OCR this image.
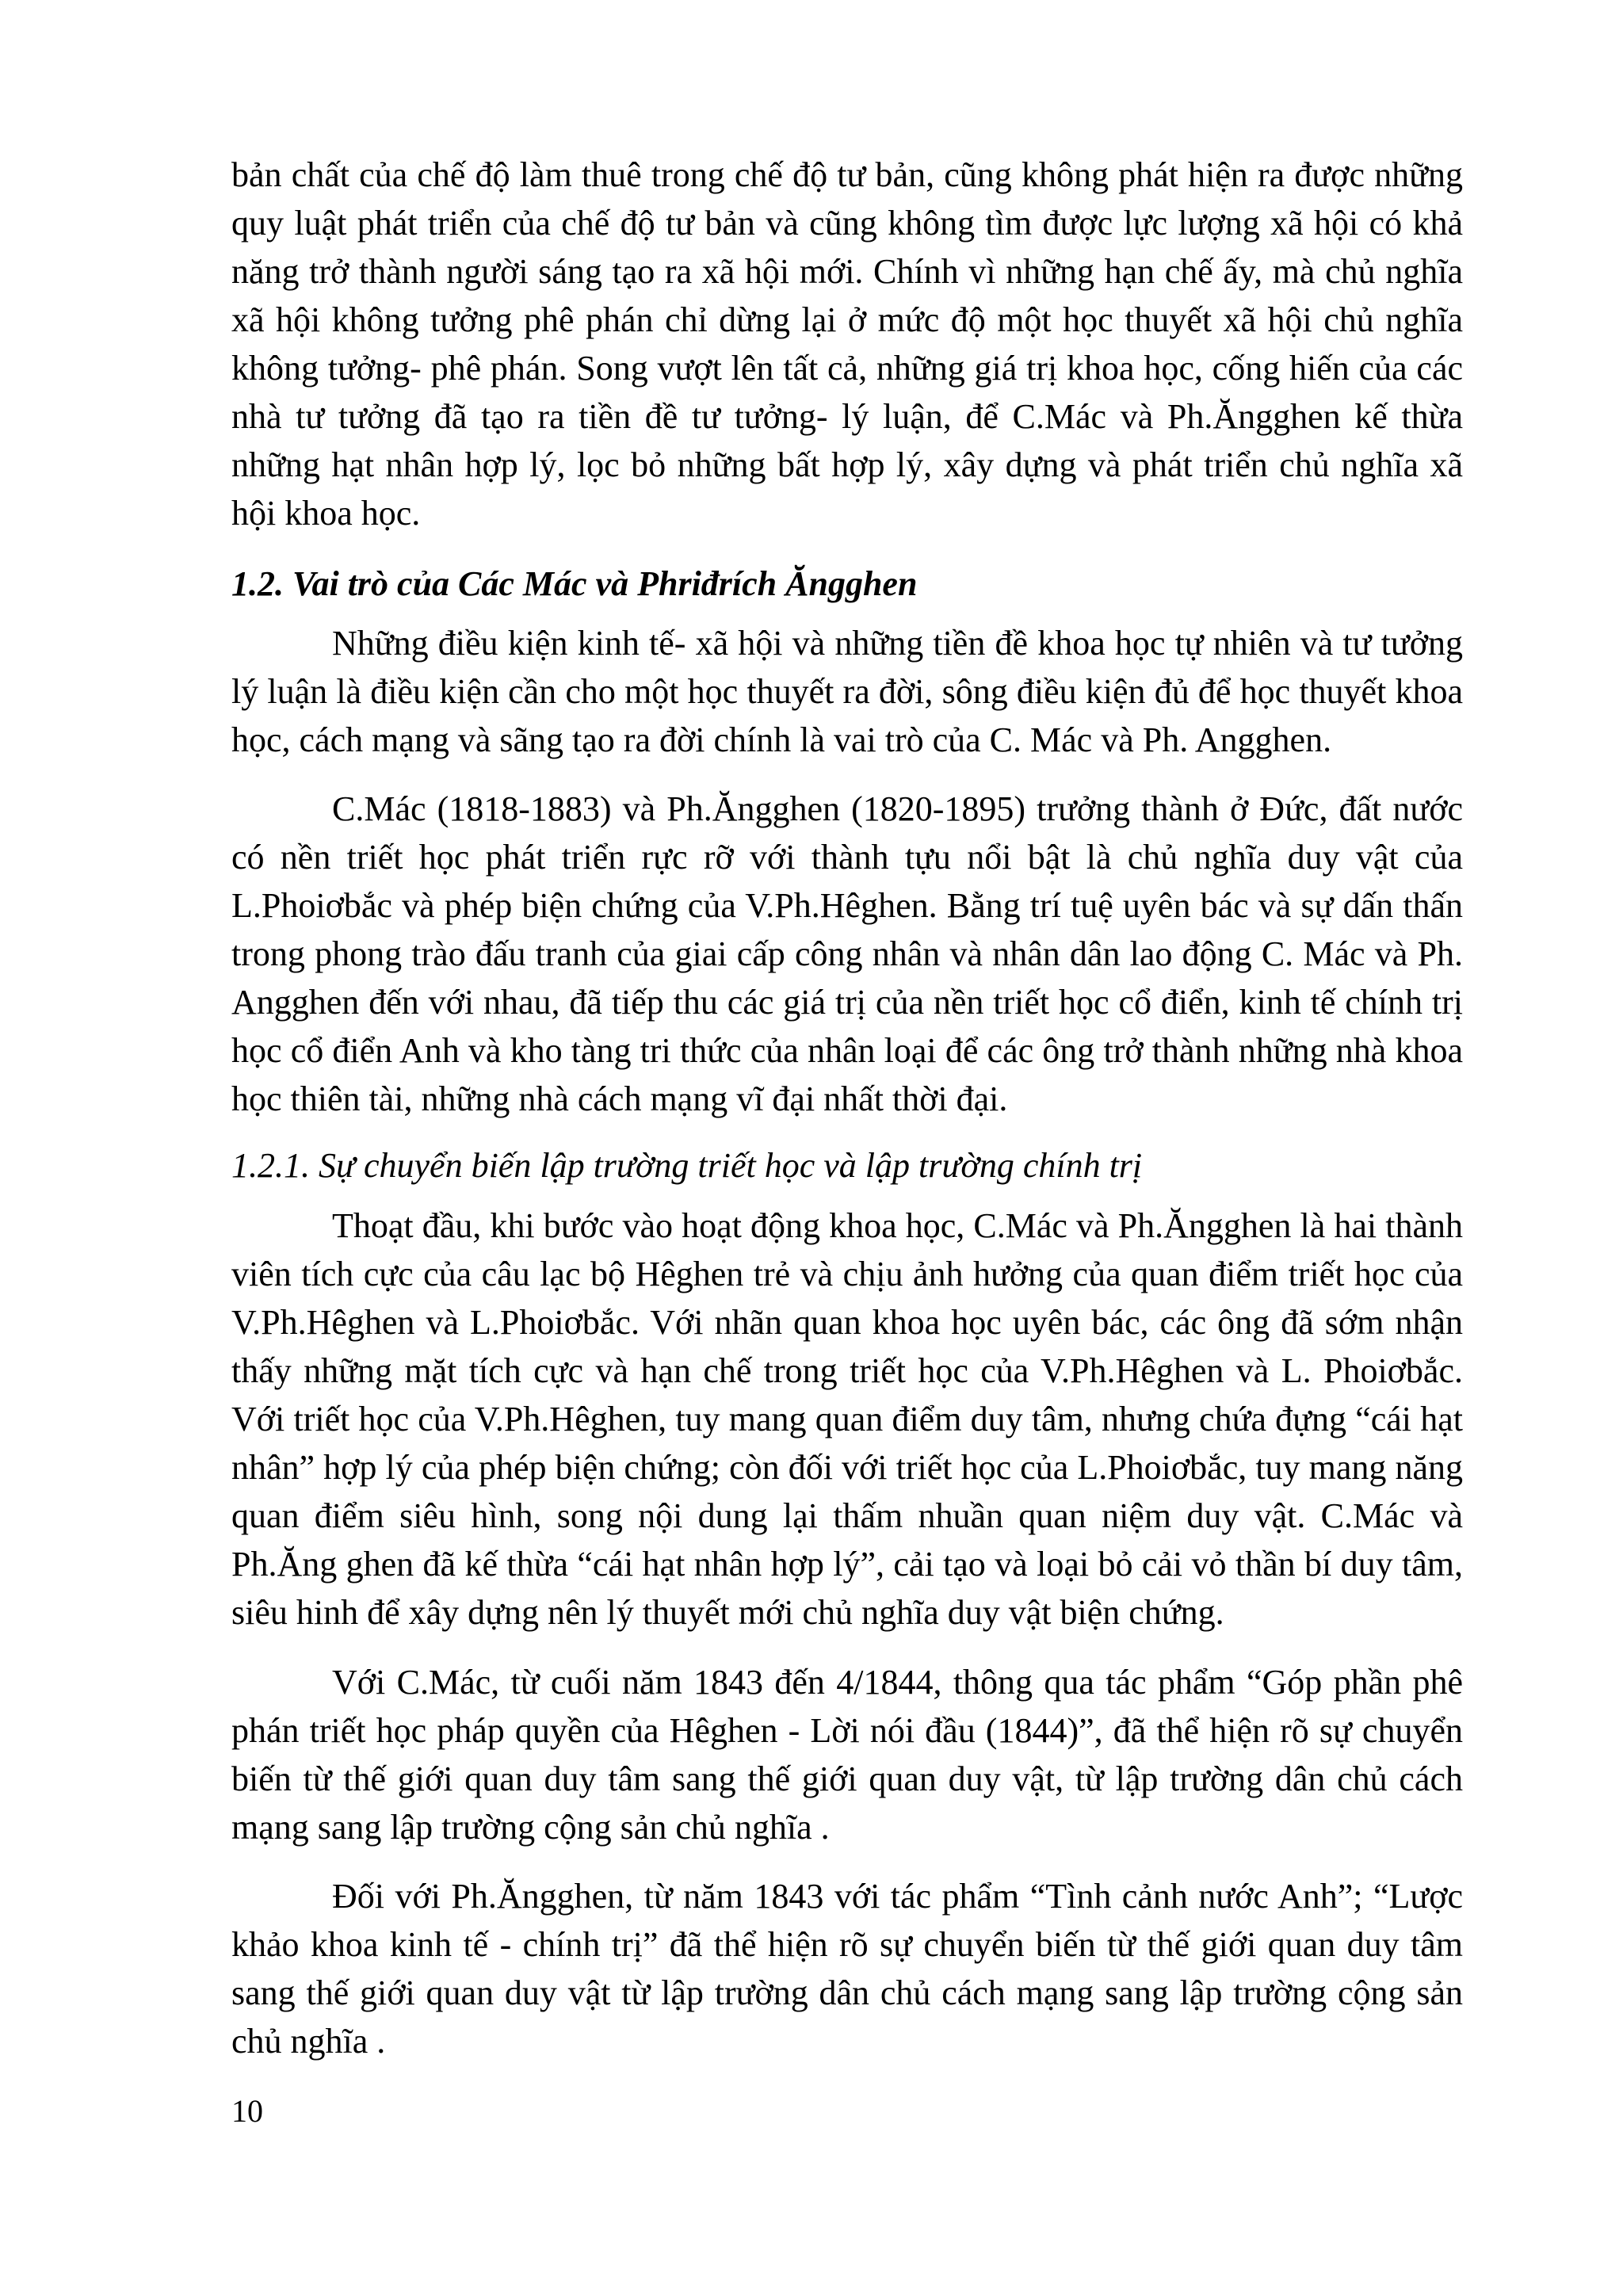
bản chất của chế độ làm thuê trong chế độ tư bản, cũng không phát hiện ra được những quy luật phát triển của chế độ tư bản và cũng không tìm được lực lượng xã hội có khả năng trở thành người sáng tạo ra xã hội mới. Chính vì những hạn chế ấy, mà chủ nghĩa xã hội không tưởng phê phán chỉ dừng lại ở mức độ một học thuyết xã hội chủ nghĩa không tưởng- phê phán. Song vượt lên tất cả, những giá trị khoa học, cống hiến của các nhà tư tưởng đã tạo ra tiền đề tư tưởng- lý luận, để C.Mác và Ph.Ăngghen kế thừa những hạt nhân hợp lý, lọc bỏ những bất hợp lý, xây dựng và phát triển chủ nghĩa xã hội khoa học.

1.2. Vai trò của Các Mác và Phriđrích Ăngghen

Những điều kiện kinh tế- xã hội và những tiền đề khoa học tự nhiên và tư tưởng lý luận là điều kiện cần cho một học thuyết ra đời, sông điều kiện đủ để học thuyết khoa học, cách mạng và sãng tạo ra đời chính là vai trò của C. Mác và Ph. Angghen.

C.Mác (1818-1883) và Ph.Ăngghen (1820-1895) trưởng thành ở Đức, đất nước có nền triết học phát triển rực rỡ với thành tựu nổi bật là chủ nghĩa duy vật của L.Phoiơbắc và phép biện chứng của V.Ph.Hêghen. Bằng trí tuệ uyên bác và sự dấn thấn trong phong trào đấu tranh của giai cấp công nhân và nhân dân lao động C. Mác và Ph. Angghen đến với nhau, đã tiếp thu các giá trị của nền triết học cổ điển, kinh tế chính trị học cổ điển Anh và kho tàng tri thức của nhân loại để các ông trở thành những nhà khoa học thiên tài, những nhà cách mạng vĩ đại nhất thời đại.

1.2.1. Sự chuyển biến lập trường triết học và lập trường chính trị

Thoạt đầu, khi bước vào hoạt động khoa học, C.Mác và Ph.Ăngghen là hai thành viên tích cực của câu lạc bộ Hêghen trẻ và chịu ảnh hưởng của quan điểm triết học của V.Ph.Hêghen và L.Phoiơbắc. Với nhãn quan khoa học uyên bác, các ông đã sớm nhận thấy những mặt tích cực và hạn chế trong triết học của V.Ph.Hêghen và L. Phoiơbắc. Với triết học của V.Ph.Hêghen, tuy mang quan điểm duy tâm, nhưng chứa đựng “cái hạt nhân” hợp lý của phép biện chứng; còn đối với triết học của L.Phoiơbắc, tuy mang năng quan điểm siêu hình, song nội dung lại thấm nhuần quan niệm duy vật. C.Mác và Ph.Ăng ghen đã kế thừa “cái hạt nhân hợp lý”, cải tạo và loại bỏ cải vỏ thần bí duy tâm, siêu hinh để xây dựng nên lý thuyết mới chủ nghĩa duy vật biện chứng.

Với C.Mác, từ cuối năm 1843 đến 4/1844, thông qua tác phẩm “Góp phần phê phán triết học pháp quyền của Hêghen - Lời nói đầu (1844)”, đã thể hiện rõ sự chuyển biến từ thế giới quan duy tâm sang thế giới quan duy vật, từ lập trường dân chủ cách mạng sang lập trường cộng sản chủ nghĩa .

Đối với Ph.Ăngghen, từ năm 1843 với tác phẩm “Tình cảnh nước Anh”; “Lược khảo khoa kinh tế - chính trị” đã thể hiện rõ sự chuyển biến từ thế giới quan duy tâm sang thế giới quan duy vật từ lập trường dân chủ cách mạng sang lập trường cộng sản chủ nghĩa .

10
